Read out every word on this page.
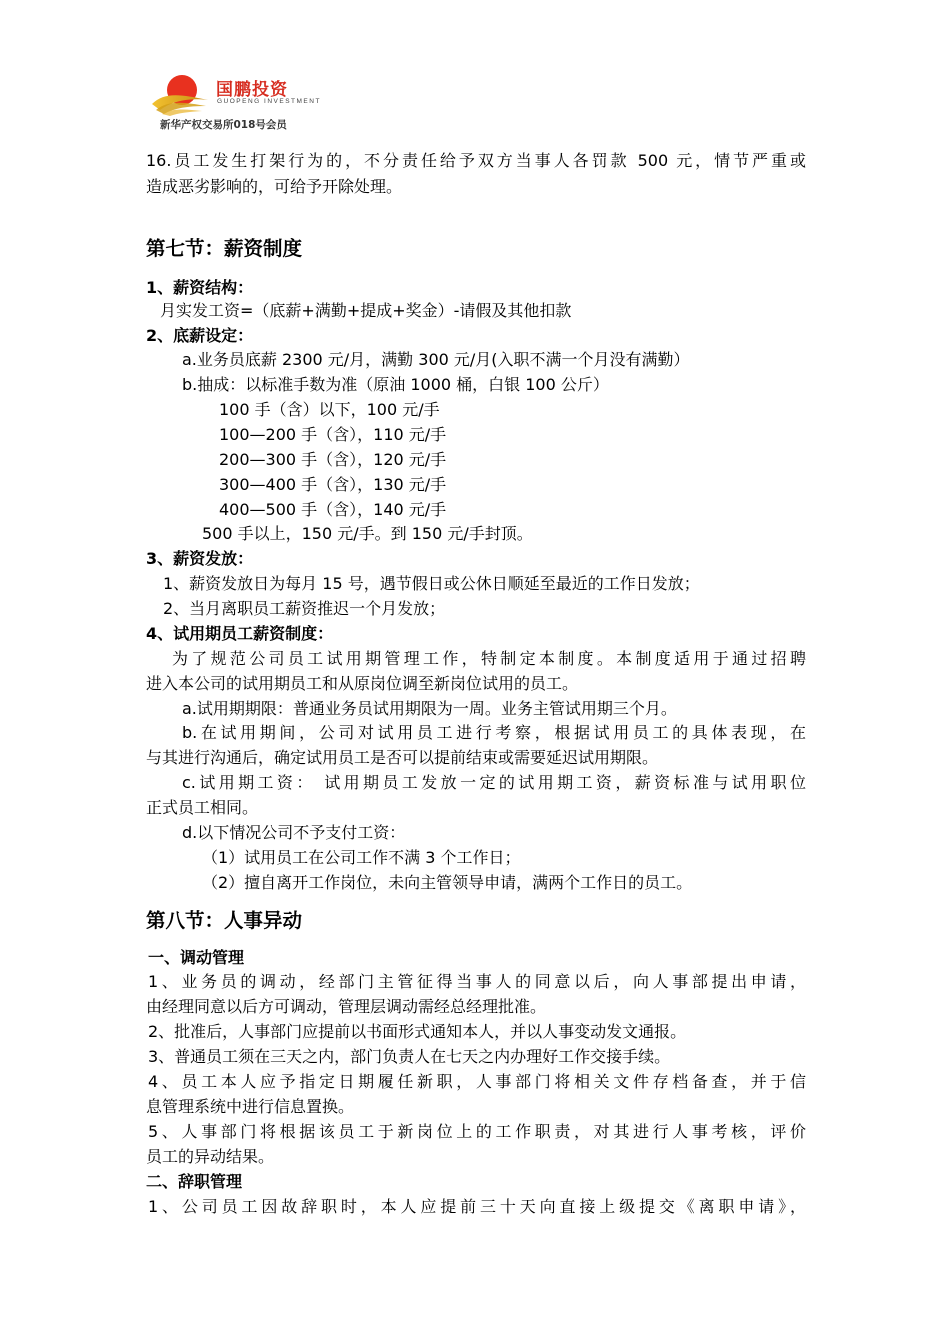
国鹏投资
GUOPENG INVESTMENT
新华产权交易所018号会员
16.员工发生打架行为的，不分责任给予双方当事人各罚款 500 元，情节严重或
造成恶劣影响的，可给予开除处理。
第七节：薪资制度
1、薪资结构：
月实发工资=（底薪+满勤+提成+奖金）-请假及其他扣款
2、底薪设定：
a.业务员底薪 2300 元/月，满勤 300 元/月(入职不满一个月没有满勤）
b.抽成：以标准手数为准（原油 1000 桶，白银 100 公斤）
100 手（含）以下，100 元/手
100—200 手（含），110 元/手
200—300 手（含），120 元/手
300—400 手（含），130 元/手
400—500 手（含），140 元/手
500 手以上，150 元/手。到 150 元/手封顶。
3、薪资发放：
1、薪资发放日为每月 15 号，遇节假日或公休日顺延至最近的工作日发放；
2、当月离职员工薪资推迟一个月发放；
4、试用期员工薪资制度：
为了规范公司员工试用期管理工作，特制定本制度。本制度适用于通过招聘
进入本公司的试用期员工和从原岗位调至新岗位试用的员工。
a.试用期期限：普通业务员试用期限为一周。业务主管试用期三个月。
b.在试用期间，公司对试用员工进行考察，根据试用员工的具体表现，在
与其进行沟通后，确定试用员工是否可以提前结束或需要延迟试用期限。
c.试用期工资： 试用期员工发放一定的试用期工资，薪资标准与试用职位
正式员工相同。
d.以下情况公司不予支付工资：
（1）试用员工在公司工作不满 3 个工作日；
（2）擅自离开工作岗位，未向主管领导申请，满两个工作日的员工。
第八节：人事异动
一、调动管理
1、业务员的调动，经部门主管征得当事人的同意以后，向人事部提出申请，
由经理同意以后方可调动，管理层调动需经总经理批准。
2、批准后，人事部门应提前以书面形式通知本人，并以人事变动发文通报。
3、普通员工须在三天之内，部门负责人在七天之内办理好工作交接手续。
4、员工本人应予指定日期履任新职，人事部门将相关文件存档备查，并于信
息管理系统中进行信息置换。
5、人事部门将根据该员工于新岗位上的工作职责，对其进行人事考核，评价
员工的异动结果。
二、辞职管理
1、公司员工因故辞职时，本人应提前三十天向直接上级提交《离职申请》，
